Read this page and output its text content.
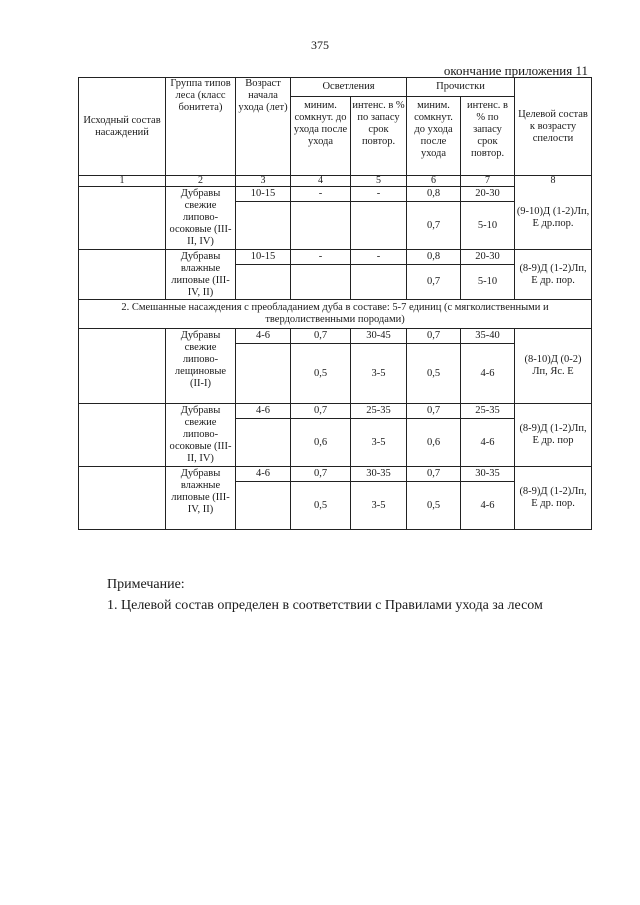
375
окончание приложения 11
Исходный состав насаждений	Группа типов леса (класс бонитета)	Возраст начала ухода (лет)	Осветления		Прочистки		Целевой состав к возрасту спелости
			миним. сомкнут. до ухода после ухода	интенс. в % по запасу срок повтор.	миним. сомкнут. до ухода после ухода	интенс. в % по запасу срок повтор.	
1	2	3	4	5	6	7	8
	Дубравы свежие липово-осоковые (III-II, IV)	10-15	-	-	0,8	20-30	(9-10)Д (1-2)Лп, Е др.пор.
					0,7	5-10	
	Дубравы влажные липовые (III-IV, II)	10-15	-	-	0,8	20-30	(8-9)Д (1-2)Лп, Е др. пор.
					0,7	5-10	
2. Смешанные насаждения с преобладанием дуба в составе: 5-7 единиц (с мягколиственными и твердолиственными породами)							
	Дубравы свежие липово-лещиновые (II-I)	4-6	0,7	30-45	0,7	35-40	(8-10)Д (0-2) Лп, Яс. Е
			0,5	3-5	0,5	4-6	
	Дубравы свежие липово-осоковые (III-II, IV)	4-6	0,7	25-35	0,7	25-35	(8-9)Д (1-2)Лп, Е др. пор
			0,6	3-5	0,6	4-6	
	Дубравы влажные липовые (III-IV, II)	4-6	0,7	30-35	0,7	30-35	(8-9)Д (1-2)Лп, Е др. пор.
			0,5	3-5	0,5	4-6	
Примечание:
1. Целевой состав определен в соответствии с Правилами ухода за лесом
